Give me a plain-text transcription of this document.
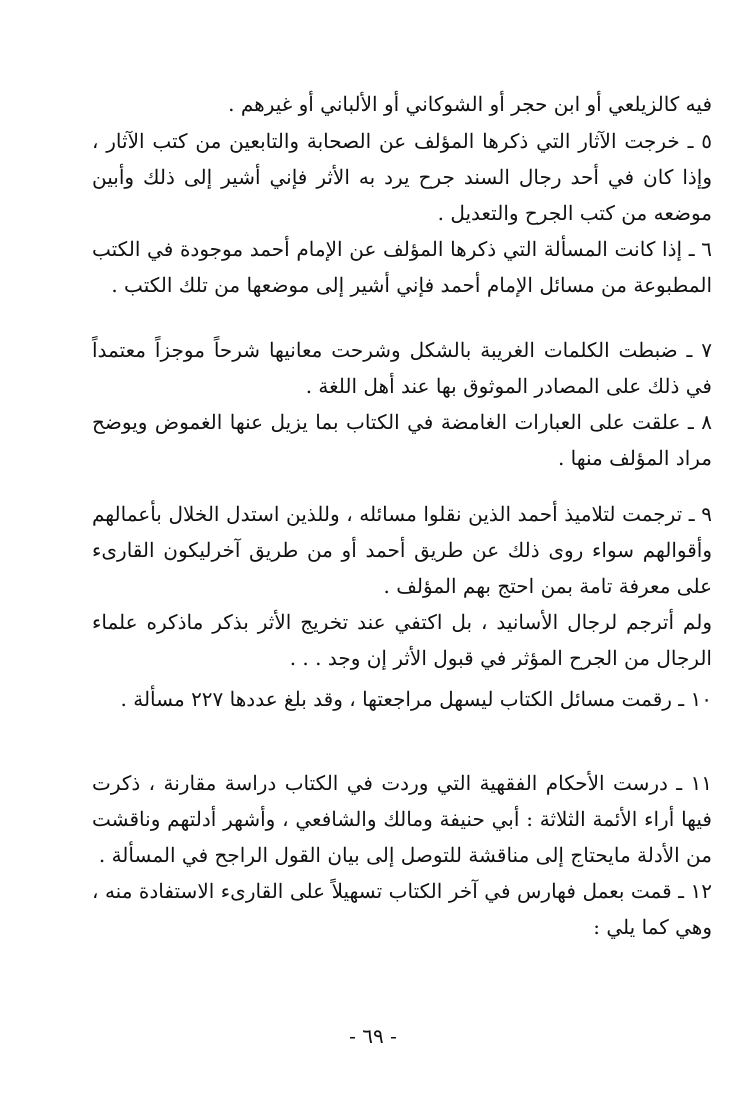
فيه كالزيلعي أو ابن حجر أو الشوكاني أو الألباني أو غيرهم .

٥ ـ خرجت الآثار التي ذكرها المؤلف عن الصحابة والتابعين من كتب الآثار ، وإذا كان في أحد رجال السند جرح يرد به الأثر فإني أشير إلى ذلك وأبين موضعه من كتب الجرح والتعديل .

٦ ـ إذا كانت المسألة التي ذكرها المؤلف عن الإمام أحمد موجودة في الكتب المطبوعة من مسائل الإمام أحمد فإني أشير إلى موضعها من تلك الكتب .

٧ ـ ضبطت الكلمات الغريبة بالشكل وشرحت معانيها شرحاً موجزاً معتمداً في ذلك على المصادر الموثوق بها عند أهل اللغة .

٨ ـ علقت على العبارات الغامضة في الكتاب بما يزيل عنها الغموض ويوضح مراد المؤلف منها .

٩ ـ ترجمت لتلاميذ أحمد الذين نقلوا مسائله ، وللذين استدل الخلال بأعمالهم وأقوالهم سواء روى ذلك عن طريق أحمد أو من طريق آخرليكون القارىء على معرفة تامة بمن احتج بهم المؤلف .

ولم أترجم لرجال الأسانيد ، بل اكتفي عند تخريج الأثر بذكر ماذكره علماء الرجال من الجرح المؤثر في قبول الأثر إن وجد . . .

١٠ ـ رقمت مسائل الكتاب ليسهل مراجعتها ، وقد بلغ عددها ٢٢٧ مسألة .

١١ ـ درست الأحكام الفقهية التي وردت في الكتاب دراسة مقارنة ، ذكرت فيها أراء الأئمة الثلاثة : أبي حنيفة ومالك والشافعي ، وأشهر أدلتهم وناقشت من الأدلة مايحتاج إلى مناقشة للتوصل إلى بيان القول الراجح في المسألة .

١٢ ـ قمت بعمل فهارس في آخر الكتاب تسهيلاً على القارىء الاستفادة منه ، وهي كما يلي :

- ٦٩ -
